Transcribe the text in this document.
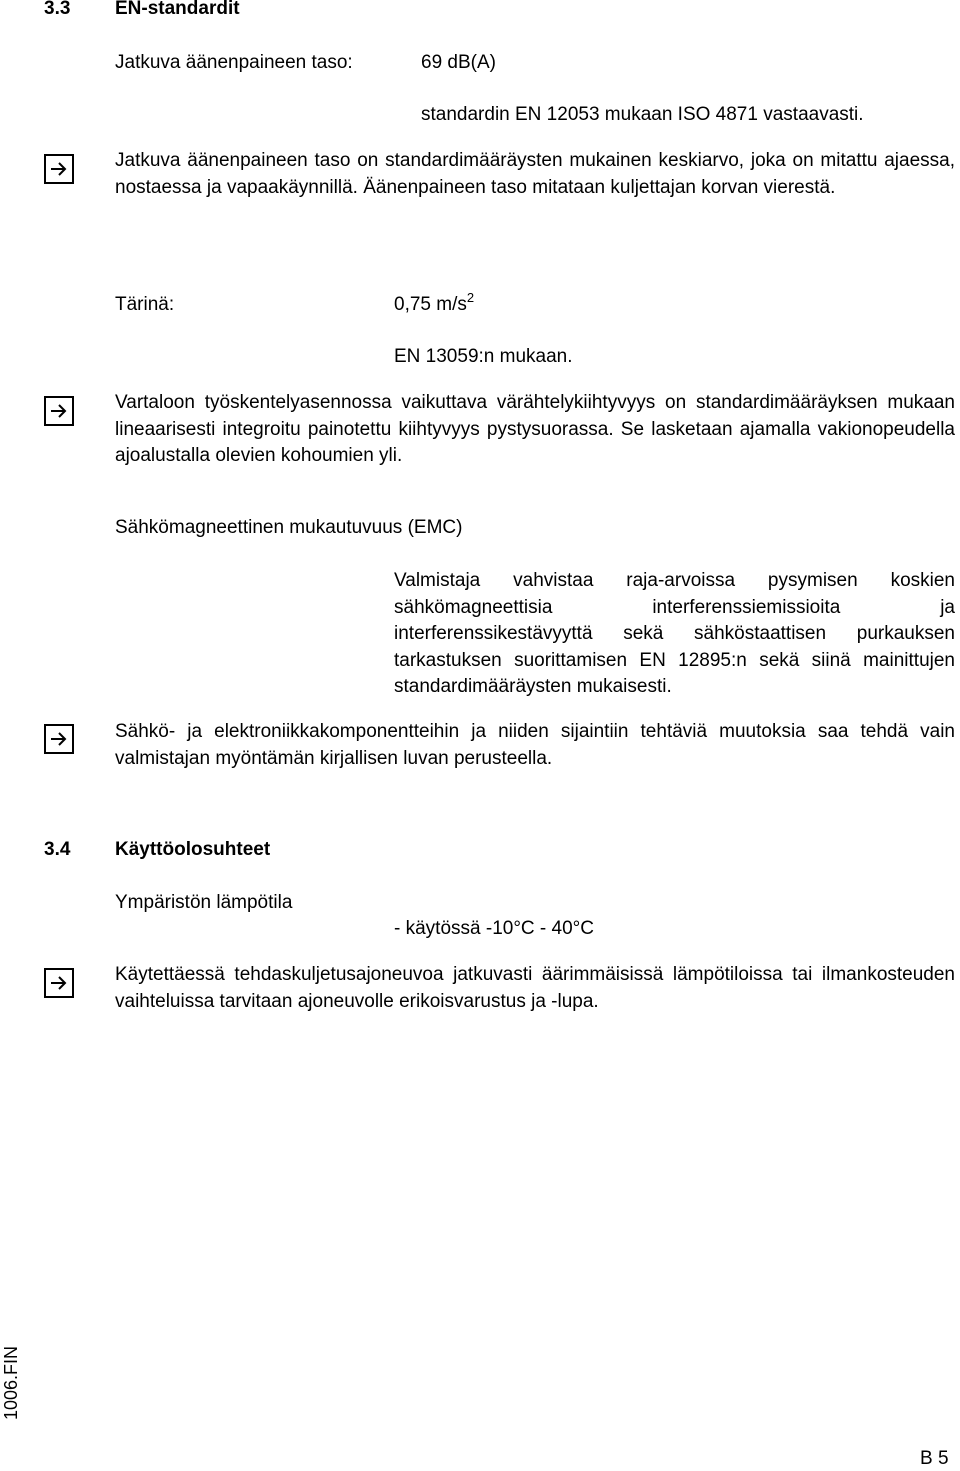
3.3 EN-standardit
Jatkuva äänenpaineen taso:	69 dB(A)
standardin EN 12053 mukaan ISO 4871 vastaavasti.
Jatkuva äänenpaineen taso on standardimääräysten mukainen keskiarvo, joka on mitattu ajaessa, nostaessa ja vapaakäynnillä. Äänenpaineen taso mitataan kuljettajan korvan vierestä.
Tärinä:	0,75 $m/s^2$
EN 13059:n mukaan.
Vartaloon työskentelyasennossa vaikuttava värähtelykiihtyvyys on standardimääräyksen mukaan lineaarisesti integroitu painotettu kiihtyvyys pystysuorassa. Se lasketaan ajamalla vakionopeudella ajoalustalla olevien kohoumien yli.
Sähkömagneettinen mukautuvuus (EMC)
Valmistaja vahvistaa raja-arvoissa pysymisen koskien sähkömagneettisia interferenssiemissioita ja interferenssikestävyyttä sekä sähköstaattisen purkauksen tarkastuksen suorittamisen EN 12895:n sekä siinä mainittujen standardimääräysten mukaisesti.
Sähkö- ja elektroniikkakomponentteihin ja niiden sijaintiin tehtäviä muutoksia saa tehdä vain valmistajan myöntämän kirjallisen luvan perusteella.
3.4 Käyttöolosuhteet
Ympäristön lämpötila
- käytössä -10°C - 40°C
Käytettäessä tehdaskuljetusajoneuvoa jatkuvasti äärimmäisissä lämpötiloissa tai ilmankosteuden vaihteluissa tarvitaan ajoneuvolle erikoisvarustus ja -lupa.
1006.FIN
B 5
